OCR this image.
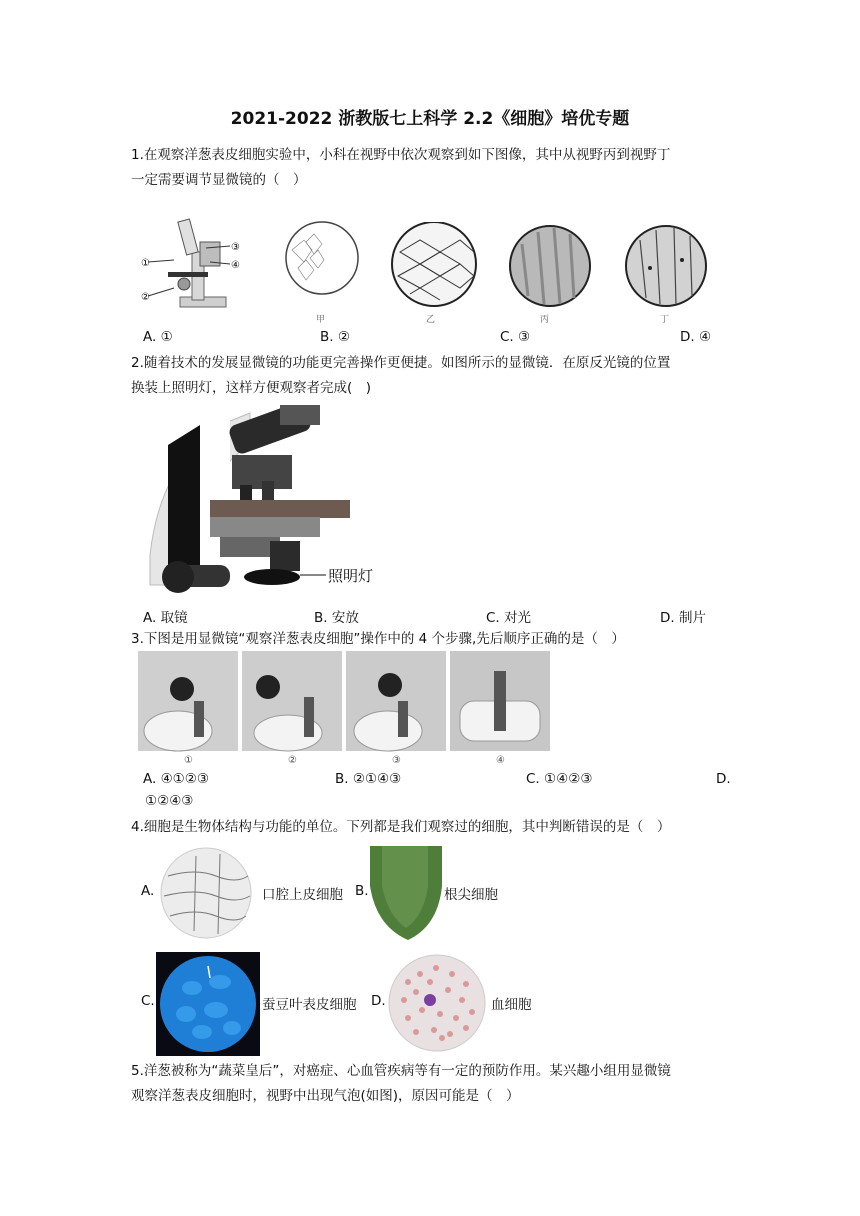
2021-2022 浙教版七上科学 2.2《细胞》培优专题
1.在观察洋葱表皮细胞实验中，小科在视野中依次观察到如下图像，其中从视野丙到视野丁
一定需要调节显微镜的（　）
①
②
③
④
甲	乙	丙	丁
A. ①	B. ②	C. ③	D. ④
2.随着技术的发展显微镜的功能更完善操作更便捷。如图所示的显微镜．在原反光镜的位置
换装上照明灯，这样方便观察者完成(　)
照明灯
A. 取镜	B. 安放	C. 对光	D. 制片
3.下图是用显微镜“观察洋葱表皮细胞”操作中的 4 个步骤,先后顺序正确的是（　）
①	②	③	④
A. ④①②③	B. ②①④③	C. ①④②③	D.
①②④③
4.细胞是生物体结构与功能的单位。下列都是我们观察过的细胞，其中判断错误的是（　）
A.	口腔上皮细胞 B.	根尖细胞
C.	蚕豆叶表皮细胞 D.	血细胞
5.洋葱被称为“蔬菜皇后”，对癌症、心血管疾病等有一定的预防作用。某兴趣小组用显微镜
观察洋葱表皮细胞时，视野中出现气泡(如图)，原因可能是（　）
